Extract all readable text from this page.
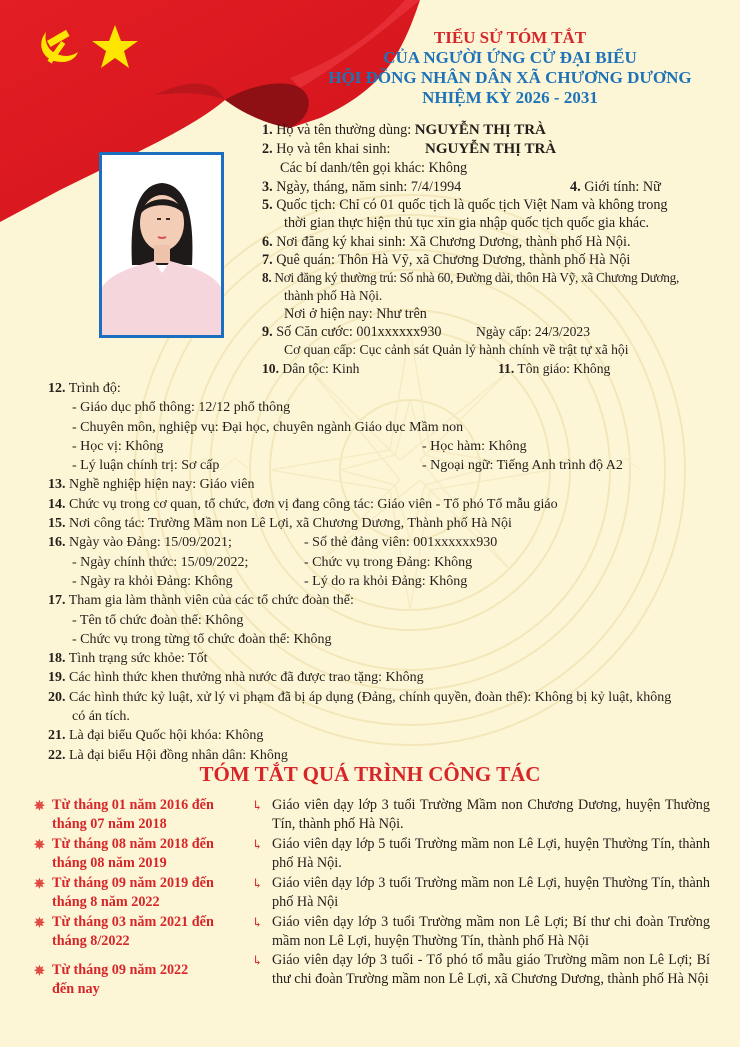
TIỂU SỬ TÓM TẮT
CỦA NGƯỜI ỨNG CỬ ĐẠI BIỂU
HỘI ĐỒNG NHÂN DÂN XÃ CHƯƠNG DƯƠNG
NHIỆM KỲ 2026 - 2031
1. Họ và tên thường dùng: NGUYỄN THỊ TRÀ
2. Họ và tên khai sinh: NGUYỄN THỊ TRÀ
Các bí danh/tên gọi khác: Không
3. Ngày, tháng, năm sinh: 7/4/1994	4. Giới tính: Nữ
5. Quốc tịch: Chỉ có 01 quốc tịch là quốc tịch Việt Nam và không trong
thời gian thực hiện thủ tục xin gia nhập quốc tịch quốc gia khác.
6. Nơi đăng ký khai sinh: Xã Chương Dương, thành phố Hà Nội.
7. Quê quán: Thôn Hà Vỹ, xã Chương Dương, thành phố Hà Nội
8. Nơi đăng ký thường trú: Số nhà 60, Đường dài, thôn Hà Vỹ, xã Chương Dương,
thành phố Hà Nội.
Nơi ở hiện nay: Như trên
9. Số Căn cước: 001xxxxxx930	Ngày cấp: 24/3/2023
Cơ quan cấp: Cục cảnh sát Quản lý hành chính về trật tự xã hội
10. Dân tộc: Kinh	11. Tôn giáo: Không
12. Trình độ:
- Giáo dục phổ thông: 12/12 phổ thông
- Chuyên môn, nghiệp vụ: Đại học, chuyên ngành Giáo dục Mầm non
- Học vị: Không	- Học hàm: Không
- Lý luận chính trị: Sơ cấp	- Ngoại ngữ: Tiếng Anh trình độ A2
13. Nghề nghiệp hiện nay: Giáo viên
14. Chức vụ trong cơ quan, tổ chức, đơn vị đang công tác: Giáo viên - Tổ phó Tổ mẫu giáo
15. Nơi công tác: Trường Mầm non Lê Lợi, xã Chương Dương, Thành phố Hà Nội
16. Ngày vào Đảng: 15/09/2021;	- Số thẻ đảng viên: 001xxxxxx930
- Ngày chính thức: 15/09/2022;	- Chức vụ trong Đảng: Không
- Ngày ra khỏi Đảng: Không	- Lý do ra khỏi Đảng: Không
17. Tham gia làm thành viên của các tổ chức đoàn thể:
- Tên tổ chức đoàn thể: Không
- Chức vụ trong từng tổ chức đoàn thể: Không
18. Tình trạng sức khỏe: Tốt
19. Các hình thức khen thưởng nhà nước đã được trao tặng: Không
20. Các hình thức kỷ luật, xử lý vi phạm đã bị áp dụng (Đảng, chính quyền, đoàn thể): Không bị kỷ luật, không
có án tích.
21. Là đại biểu Quốc hội khóa: Không
22. Là đại biểu Hội đồng nhân dân: Không
TÓM TẮT QUÁ TRÌNH CÔNG TÁC
✵ Từ tháng 01 năm 2016 đến
tháng 07 năm 2018
↳ Giáo viên dạy lớp 3 tuổi Trường Mầm non Chương Dương, huyện Thường Tín, thành phố Hà Nội.
✵ Từ tháng 08 năm 2018 đến
tháng 08 năm 2019
↳ Giáo viên dạy lớp 5 tuổi Trường mầm non Lê Lợi, huyện Thường Tín, thành phố Hà Nội.
✵ Từ tháng 09 năm 2019 đến
tháng 8 năm 2022
↳ Giáo viên dạy lớp 3 tuổi Trường mầm non Lê Lợi, huyện Thường Tín, thành phố Hà Nội
✵ Từ tháng 03 năm 2021 đến
tháng 8/2022
↳ Giáo viên dạy lớp 3 tuổi Trường mầm non Lê Lợi; Bí thư chi đoàn Trường mầm non Lê Lợi, huyện Thường Tín, thành phố Hà Nội
✵ Từ tháng 09 năm 2022
đến nay
↳ Giáo viên dạy lớp 3 tuổi - Tổ phó tổ mẫu giáo Trường mầm non Lê Lợi; Bí thư chi đoàn Trường mầm non Lê Lợi, xã Chương Dương, thành phố Hà Nội
